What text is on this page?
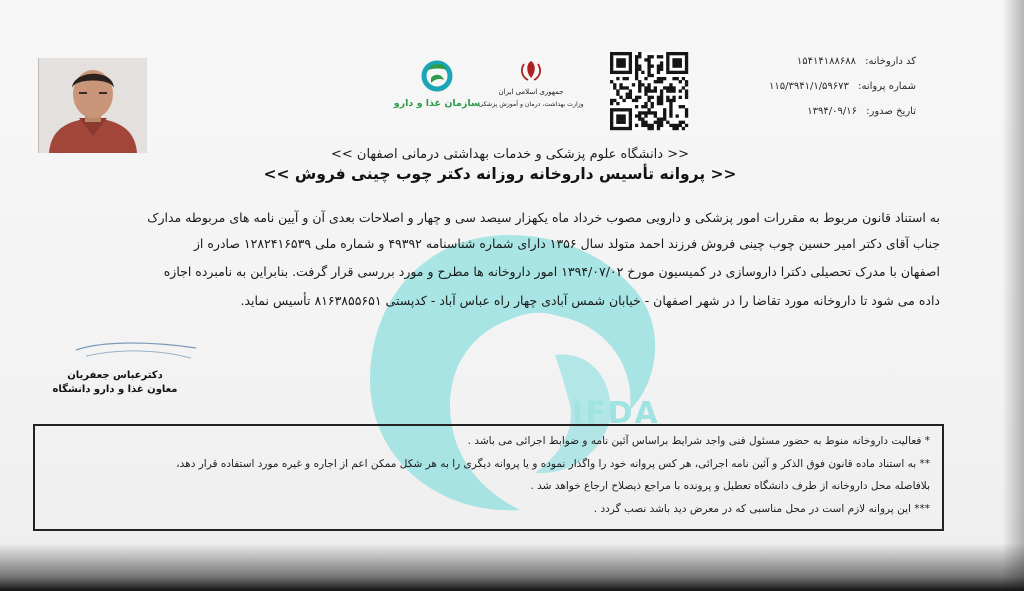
IFDA
سازمان غذا و دارو
جمهوری اسلامی ایران
وزارت بهداشت، درمان و آموزش پزشکی
کد داروخانه: ۱۵۴۱۴۱۸۸۶۸۸
شماره پروانه: ۱۱۵/۳۹۴۱/۱/۵۹۶۷۳
تاریخ صدور: ۱۳۹۴/۰۹/۱۶
<< دانشگاه علوم پزشکی و خدمات بهداشتی درمانی اصفهان >>
<< پروانه تأسیس داروخانه روزانه دکتر چوب چینی فروش >>
به استناد قانون مربوط به مقررات امور پزشکی و دارویی مصوب خرداد ماه یکهزار سیصد سی و چهار و اصلاحات بعدی آن و آیین نامه های مربوطه مدارک
جناب آقای دکتر امیر حسین چوب چینی فروش فرزند احمد متولد سال ۱۳۵۶ دارای شماره شناسنامه ۴۹۳۹۲ و شماره ملی ۱۲۸۲۴۱۶۵۳۹ صادره از
اصفهان با مدرک تحصیلی دکترا داروسازی در کمیسیون مورخ ۱۳۹۴/۰۷/۰۲ امور داروخانه ها مطرح و مورد بررسی قرار گرفت. بنابراین به نامبرده اجازه
داده می شود تا داروخانه مورد تقاضا را در شهر اصفهان - خیابان شمس آبادی چهار راه عباس آباد - کدپستی ۸۱۶۳۸۵۵۶۵۱ تأسیس نماید.
دکترعباس جعفریان
معاون غذا و دارو دانشگاه
* فعالیت داروخانه منوط به حضور مسئول فنی واجد شرایط براساس آئین نامه و ضوابط اجرائی می باشد .
** به استناد ماده قانون فوق الذکر و آئین نامه اجرائی، هر کس پروانه خود را واگذار نموده و یا پروانه دیگری را به هر شکل ممکن اعم از اجاره و غیره مورد استفاده قرار دهد،
بلافاصله محل داروخانه از طرف دانشگاه تعطیل و پرونده با مراجع ذیصلاح ارجاع خواهد شد .
*** این پروانه لازم است در محل مناسبی که در معرض دید باشد نصب گردد .
